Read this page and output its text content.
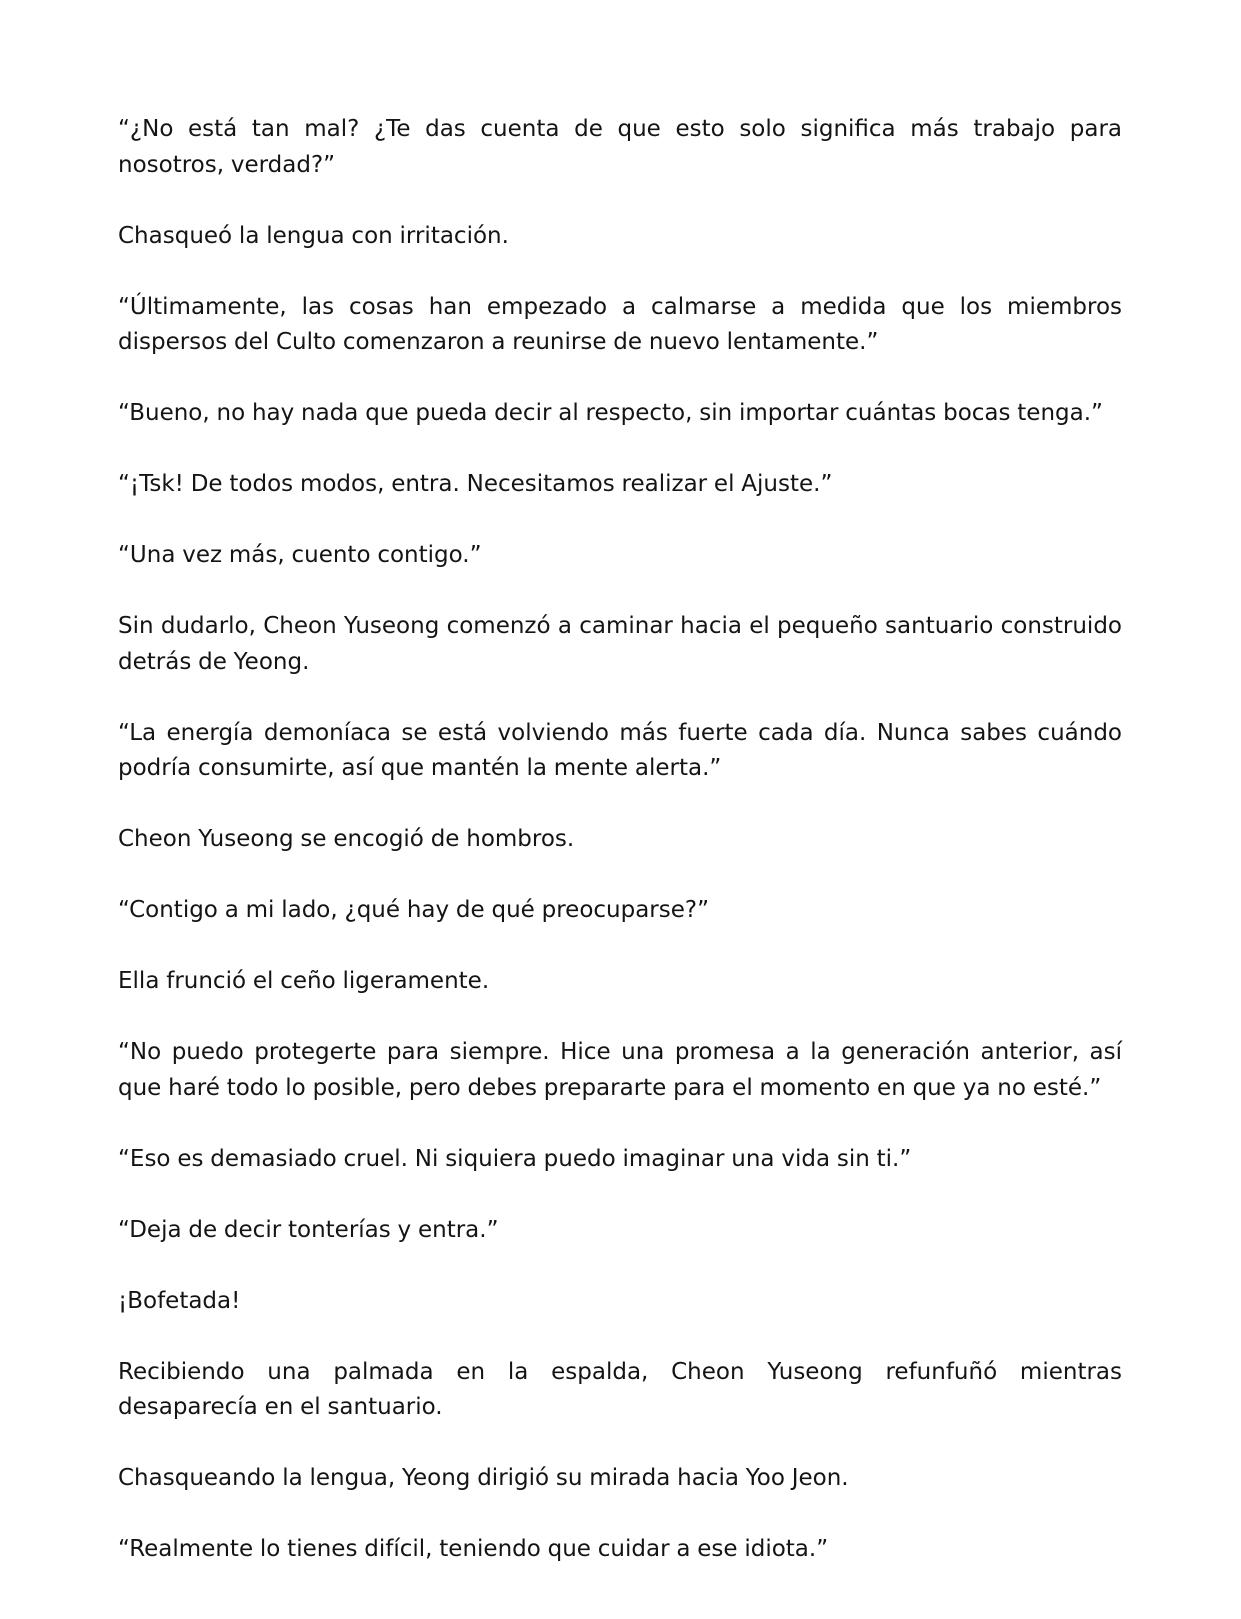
“¿No está tan mal? ¿Te das cuenta de que esto solo significa más trabajo para nosotros, verdad?”

Chasqueó la lengua con irritación.

“Últimamente, las cosas han empezado a calmarse a medida que los miembros dispersos del Culto comenzaron a reunirse de nuevo lentamente.”

“Bueno, no hay nada que pueda decir al respecto, sin importar cuántas bocas tenga.”

“¡Tsk! De todos modos, entra. Necesitamos realizar el Ajuste.”

“Una vez más, cuento contigo.”

Sin dudarlo, Cheon Yuseong comenzó a caminar hacia el pequeño santuario construido detrás de Yeong.

“La energía demoníaca se está volviendo más fuerte cada día. Nunca sabes cuándo podría consumirte, así que mantén la mente alerta.”

Cheon Yuseong se encogió de hombros.

“Contigo a mi lado, ¿qué hay de qué preocuparse?”

Ella frunció el ceño ligeramente.

“No puedo protegerte para siempre. Hice una promesa a la generación anterior, así que haré todo lo posible, pero debes prepararte para el momento en que ya no esté.”

“Eso es demasiado cruel. Ni siquiera puedo imaginar una vida sin ti.”

“Deja de decir tonterías y entra.”

¡Bofetada!

Recibiendo una palmada en la espalda, Cheon Yuseong refunfuñó mientras desaparecía en el santuario.

Chasqueando la lengua, Yeong dirigió su mirada hacia Yoo Jeon.

“Realmente lo tienes difícil, teniendo que cuidar a ese idiota.”
